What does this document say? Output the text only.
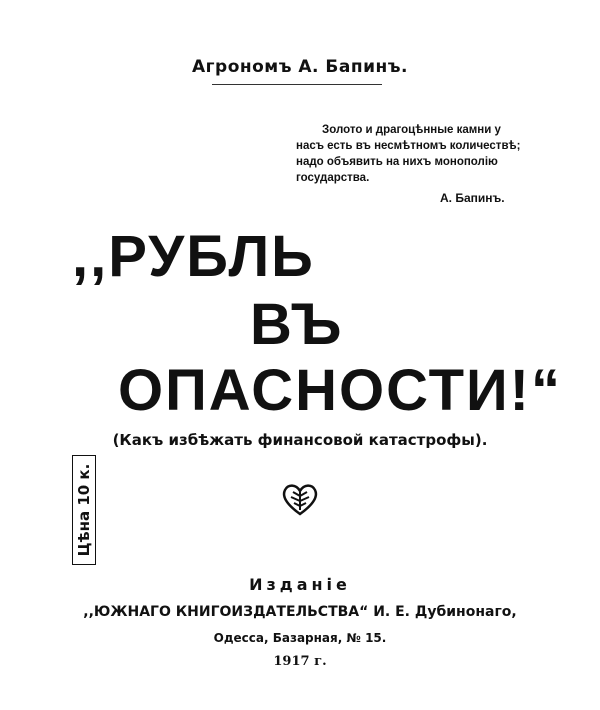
Агрономъ А. Бапинъ.
Золото и драгоцѣнные камни у
насъ есть въ несмѣтномъ количествѣ;
надо объявить на нихъ монополію
государства.
А. Бапинъ.
,,РУБЛЬ
ВЪ
ОПАСНОСТИ!“
(Какъ избѣжать финансовой катастрофы).
Цѣна 10 к.
Изданіе
,,ЮЖНАГО КНИГОИЗДАТЕЛЬСТВА“ И. Е. Дубинонаго,
Одесса, Базарная, № 15.
1917 г.
